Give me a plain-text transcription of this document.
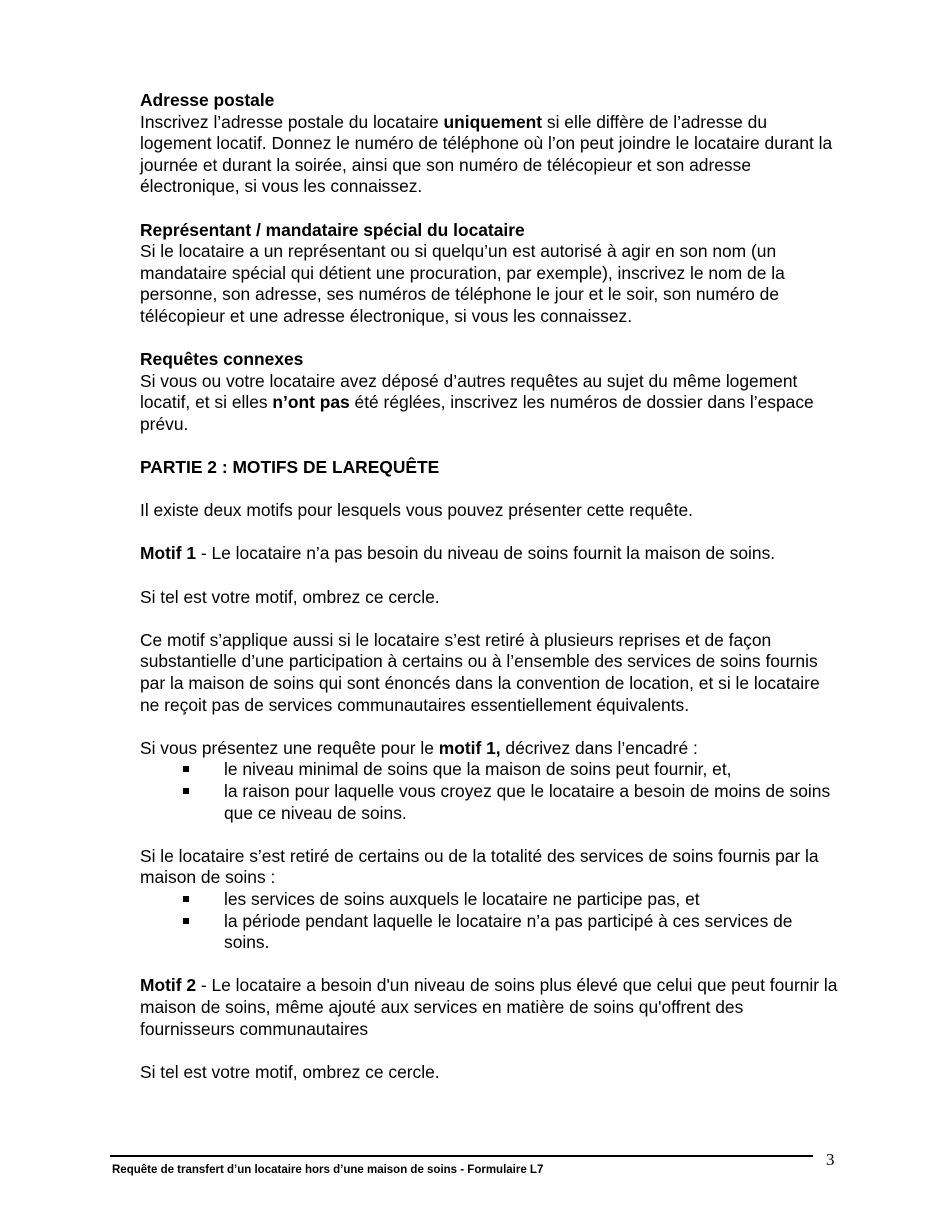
Adresse postale

Inscrivez l’adresse postale du locataire uniquement si elle diffère de l’adresse du logement locatif. Donnez le numéro de téléphone où l’on peut joindre le locataire durant la journée et durant la soirée, ainsi que son numéro de télécopieur et son adresse électronique, si vous les connaissez.

Représentant / mandataire spécial du locataire

Si le locataire a un représentant ou si quelqu’un est autorisé à agir en son nom (un mandataire spécial qui détient une procuration, par exemple), inscrivez le nom de la personne, son adresse, ses numéros de téléphone le jour et le soir, son numéro de télécopieur et une adresse électronique, si vous les connaissez.

Requêtes connexes

Si vous ou votre locataire avez déposé d’autres requêtes au sujet du même logement locatif, et si elles n’ont pas été réglées, inscrivez les numéros de dossier dans l’espace prévu.

PARTIE 2 : MOTIFS DE LAREQUÊTE

Il existe deux motifs pour lesquels vous pouvez présenter cette requête.

Motif 1 - Le locataire n’a pas besoin du niveau de soins fournit la maison de soins.

Si tel est votre motif, ombrez ce cercle.

Ce motif s’applique aussi si le locataire s’est retiré à plusieurs reprises et de façon substantielle d’une participation à certains ou à l’ensemble des services de soins fournis par la maison de soins qui sont énoncés dans la convention de location, et si le locataire ne reçoit pas de services communautaires essentiellement équivalents.

Si vous présentez une requête pour le motif 1, décrivez dans l’encadré :

le niveau minimal de soins que la maison de soins peut fournir, et,
la raison pour laquelle vous croyez que le locataire a besoin de moins de soins que ce niveau de soins.

Si le locataire s’est retiré de certains ou de la totalité des services de soins fournis par la maison de soins :

les services de soins auxquels le locataire ne participe pas, et
la période pendant laquelle le locataire n’a pas participé à ces services de soins.

Motif 2 - Le locataire a besoin d'un niveau de soins plus élevé que celui que peut fournir la maison de soins, même ajouté aux services en matière de soins qu'offrent des fournisseurs communautaires

Si tel est votre motif, ombrez ce cercle.

Requête de transfert d’un locataire hors d’une maison de soins - Formulaire L7
3
